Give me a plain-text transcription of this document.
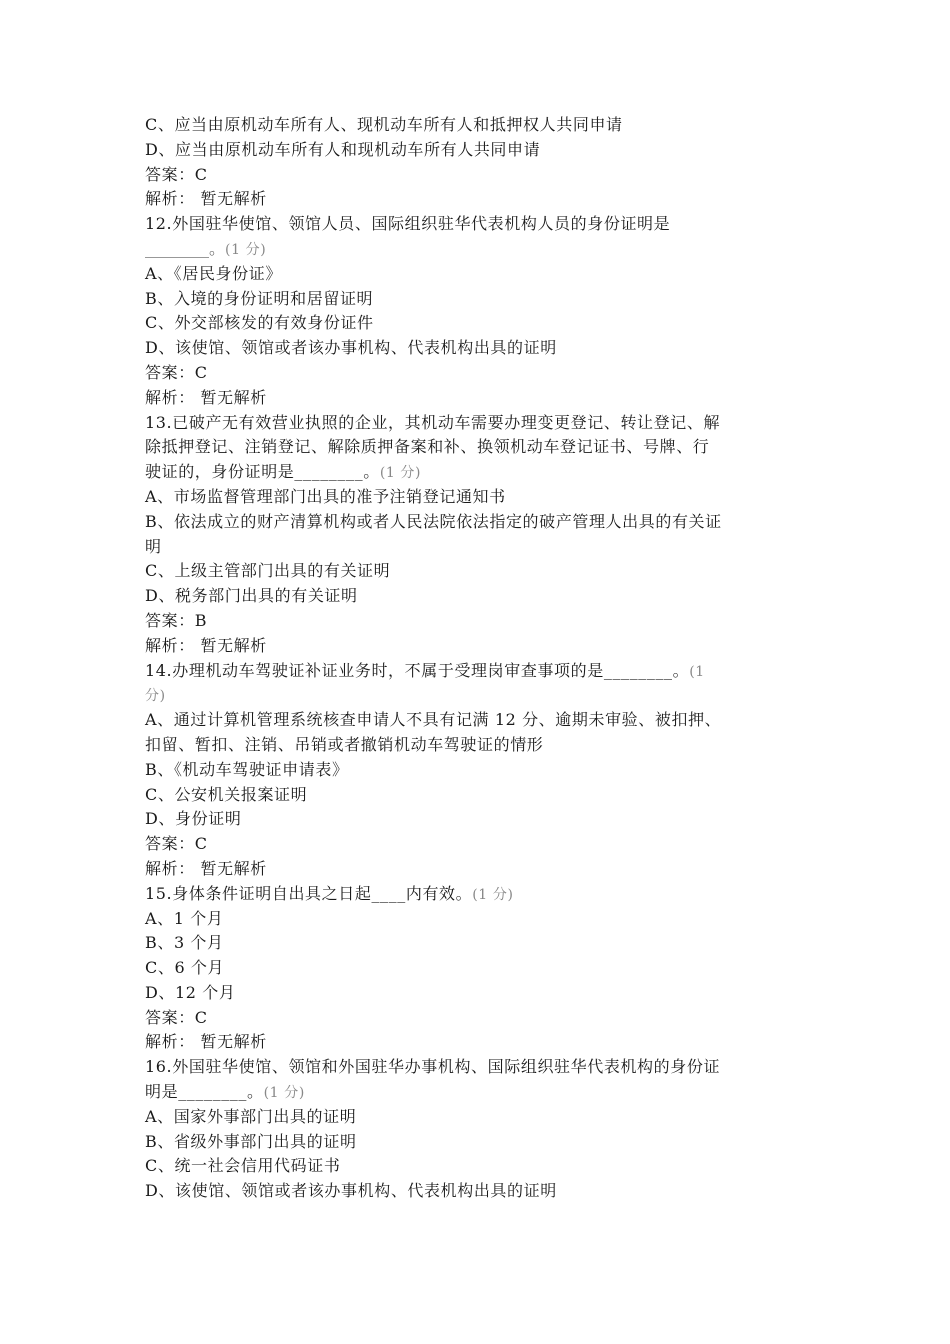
C、应当由原机动车所有人、现机动车所有人和抵押权人共同申请
D、应当由原机动车所有人和现机动车所有人共同申请
答案：C
解析： 暂无解析
12.外国驻华使馆、领馆人员、国际组织驻华代表机构人员的身份证明是
________。(1 分)
A、《居民身份证》
B、入境的身份证明和居留证明
C、外交部核发的有效身份证件
D、该使馆、领馆或者该办事机构、代表机构出具的证明
答案：C
解析： 暂无解析
13.已破产无有效营业执照的企业，其机动车需要办理变更登记、转让登记、解
除抵押登记、注销登记、解除质押备案和补、换领机动车登记证书、号牌、行
驶证的，身份证明是________。(1 分)
A、市场监督管理部门出具的准予注销登记通知书
B、依法成立的财产清算机构或者人民法院依法指定的破产管理人出具的有关证
明
C、上级主管部门出具的有关证明
D、税务部门出具的有关证明
答案：B
解析： 暂无解析
14.办理机动车驾驶证补证业务时，不属于受理岗审查事项的是________。(1
分)
A、通过计算机管理系统核查申请人不具有记满 12 分、逾期未审验、被扣押、
扣留、暂扣、注销、吊销或者撤销机动车驾驶证的情形
B、《机动车驾驶证申请表》
C、公安机关报案证明
D、身份证明
答案：C
解析： 暂无解析
15.身体条件证明自出具之日起____内有效。(1 分)
A、1 个月
B、3 个月
C、6 个月
D、12 个月
答案：C
解析： 暂无解析
16.外国驻华使馆、领馆和外国驻华办事机构、国际组织驻华代表机构的身份证
明是________。(1 分)
A、国家外事部门出具的证明
B、省级外事部门出具的证明
C、统一社会信用代码证书
D、该使馆、领馆或者该办事机构、代表机构出具的证明
